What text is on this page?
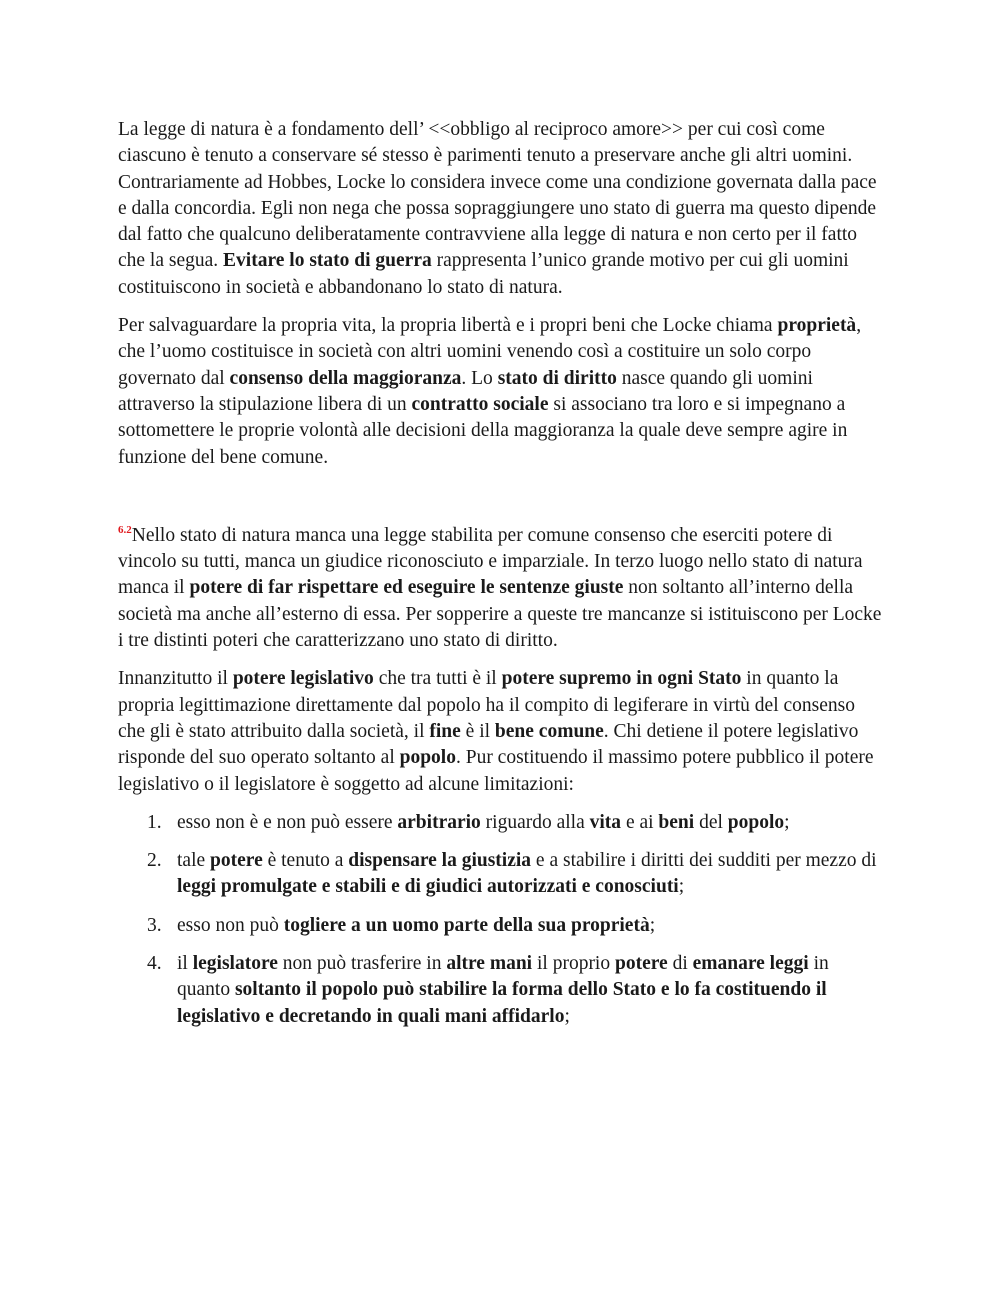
La legge di natura è a fondamento dell’ <<obbligo al reciproco amore>> per cui così come ciascuno è tenuto a conservare sé stesso è parimenti tenuto a preservare anche gli altri uomini. Contrariamente ad Hobbes, Locke lo considera invece come una condizione governata dalla pace e dalla concordia. Egli non nega che possa sopraggiungere uno stato di guerra ma questo dipende dal fatto che qualcuno deliberatamente contravviene alla legge di natura e non certo per il fatto che la segua. Evitare lo stato di guerra rappresenta l’unico grande motivo per cui gli uomini costituiscono in società e abbandonano lo stato di natura.

Per salvaguardare la propria vita, la propria libertà e i propri beni che Locke chiama proprietà, che l’uomo costituisce in società con altri uomini venendo così a costituire un solo corpo governato dal consenso della maggioranza. Lo stato di diritto nasce quando gli uomini attraverso la stipulazione libera di un contratto sociale si associano tra loro e si impegnano a sottomettere le proprie volontà alle decisioni della maggioranza la quale deve sempre agire in funzione del bene comune.

$^{6.2}$Nello stato di natura manca una legge stabilita per comune consenso che eserciti potere di vincolo su tutti, manca un giudice riconosciuto e imparziale. In terzo luogo nello stato di natura manca il potere di far rispettare ed eseguire le sentenze giuste non soltanto all’interno della società ma anche all’esterno di essa. Per sopperire a queste tre mancanze si istituiscono per Locke i tre distinti poteri che caratterizzano uno stato di diritto.

Innanzitutto il potere legislativo che tra tutti è il potere supremo in ogni Stato in quanto la propria legittimazione direttamente dal popolo ha il compito di legiferare in virtù del consenso che gli è stato attribuito dalla società, il fine è il bene comune. Chi detiene il potere legislativo risponde del suo operato soltanto al popolo. Pur costituendo il massimo potere pubblico il potere legislativo o il legislatore è soggetto ad alcune limitazioni:

1. esso non è e non può essere arbitrario riguardo alla vita e ai beni del popolo;
2. tale potere è tenuto a dispensare la giustizia e a stabilire i diritti dei sudditi per mezzo di leggi promulgate e stabili e di giudici autorizzati e conosciuti;
3. esso non può togliere a un uomo parte della sua proprietà;
4. il legislatore non può trasferire in altre mani il proprio potere di emanare leggi in quanto soltanto il popolo può stabilire la forma dello Stato e lo fa costituendo il legislativo e decretando in quali mani affidarlo;
